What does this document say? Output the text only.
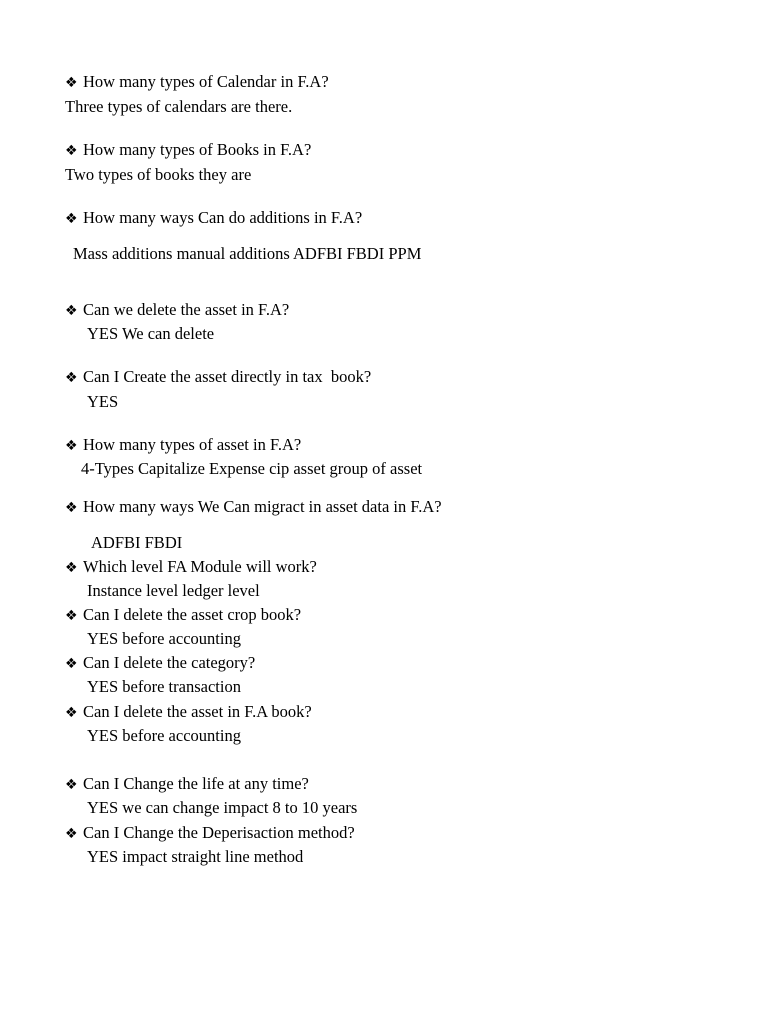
❖ How many types of Calendar in F.A?

Three types of calendars are there.

❖ How many types of Books in F.A?

Two types of books they are

❖ How many ways Can do additions in F.A?

Mass additions manual additions ADFBI FBDI PPM

❖ Can we delete the asset in F.A?

YES We can delete

❖ Can I Create the asset directly in tax  book?

YES

❖ How many types of asset in F.A?

4-Types Capitalize Expense cip asset group of asset

❖ How many ways We Can migract in asset data in F.A?

ADFBI FBDI

❖ Which level FA Module will work?

Instance level ledger level

❖ Can I delete the asset crop book?

YES before accounting

❖ Can I delete the category?

YES before transaction

❖ Can I delete the asset in F.A book?

YES before accounting

❖ Can I Change the life at any time?

YES we can change impact 8 to 10 years

❖ Can I Change the Deperisaction method?

YES impact straight line method
